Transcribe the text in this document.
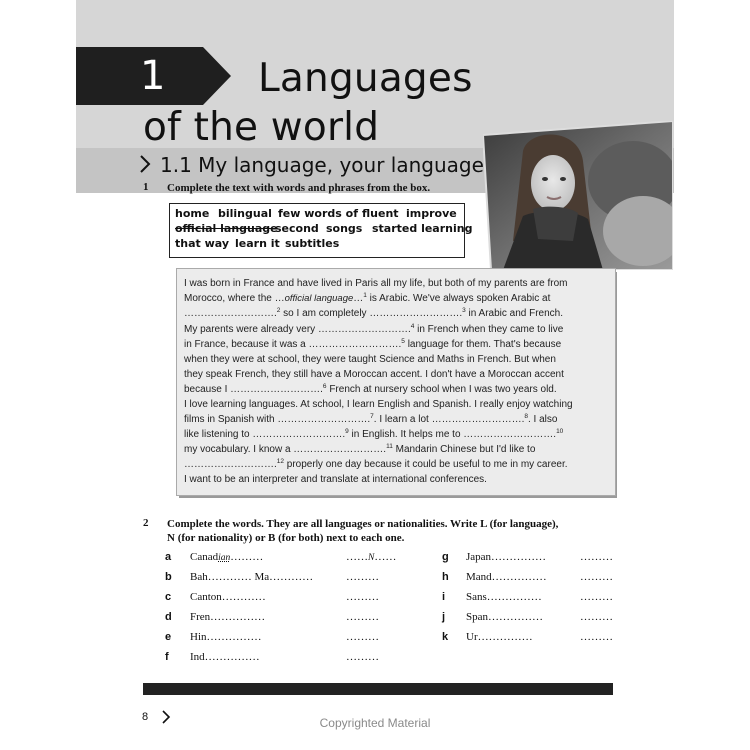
1 Languages
of the world
1.1 My language, your language
1 Complete the text with words and phrases from the box.
home bilingual few words of fluent improve
official language
second songs started learning
that way learn it subtitles
I was born in France and have lived in Paris all my life, but both of my parents are from
Morocco, where the …official language…$^1$ is Arabic. We've always spoken Arabic at
……………………….$^2$ so I am completely ……………………….$^3$ in Arabic and French.
My parents were already very ……………………….$^4$ in French when they came to live
in France, because it was a ……………………….$^5$ language for them. That's because
when they were at school, they were taught Science and Maths in French. But when
they speak French, they still have a Moroccan accent. I don't have a Moroccan accent
because I ……………………….$^6$ French at nursery school when I was two years old.
I love learning languages. At school, I learn English and Spanish. I really enjoy watching
films in Spanish with ……………………….$^7$. I learn a lot ……………………….$^8$. I also
like listening to ……………………….$^9$ in English. It helps me to ……………………….$^{10}$
my vocabulary. I know a ……………………….$^{11}$ Mandarin Chinese but I'd like to
……………………….$^{12}$ properly one day because it could be useful to me in my career.
I want to be an interpreter and translate at international conferences.
2 Complete the words. They are all languages or nationalities. Write L (for language),
N (for nationality) or B (for both) next to each one.
a Canadian………	……N……
b Bah………… Ma…………	………
c Canton…………	………
d Fren……………	………
e Hin……………	………
f Ind……………	………
g Japan……………	………
h Mand……………	………
i Sans……………	………
j Span……………	………
k Ur……………	………
8	Copyrighted Material
